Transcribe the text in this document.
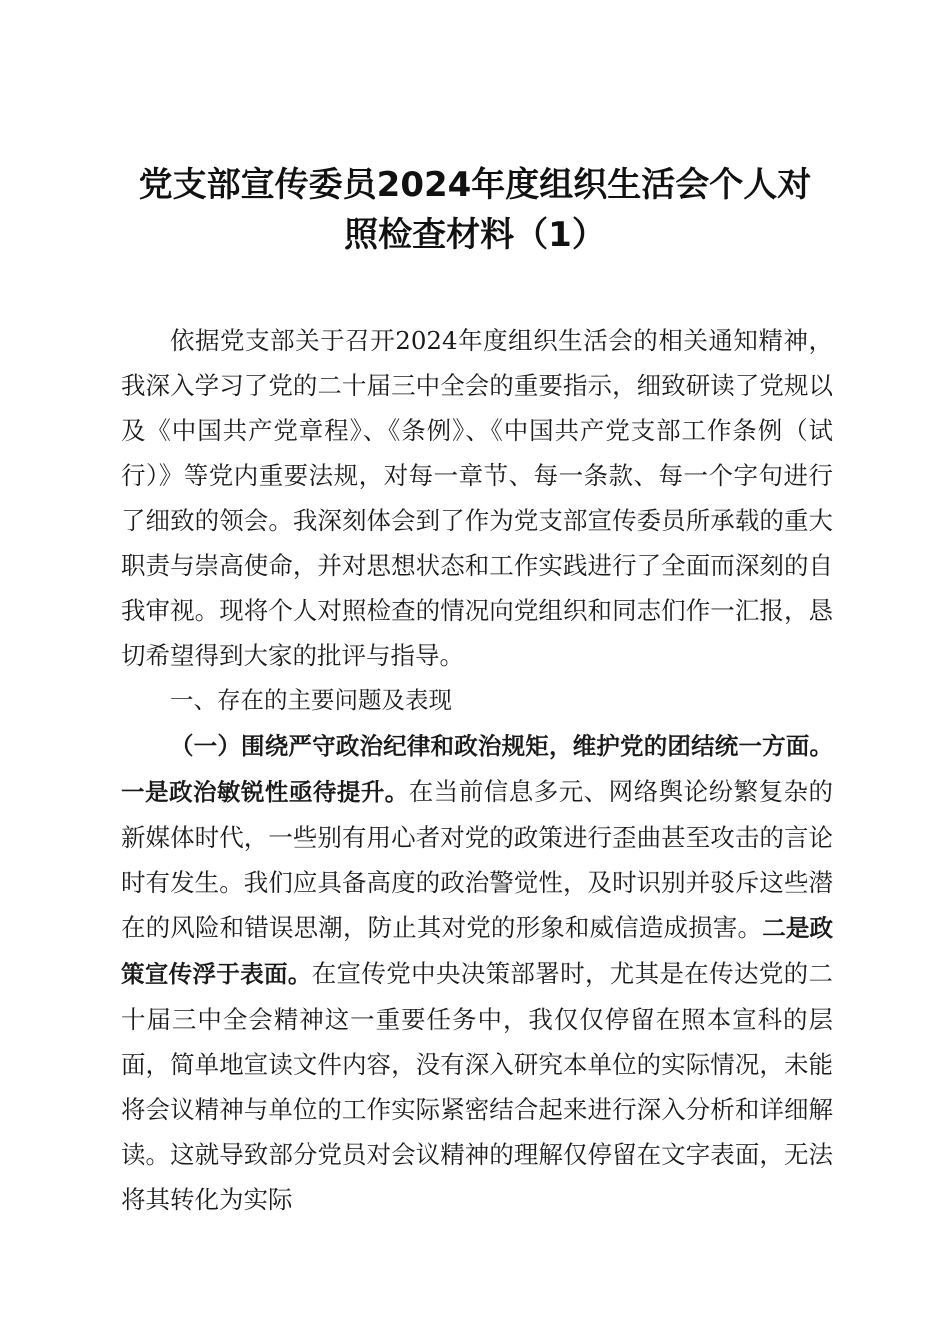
党支部宣传委员2024年度组织生活会个人对
照检查材料（1）

依据党支部关于召开2024年度组织生活会的相关通知精神，我深入学习了党的二十届三中全会的重要指示，细致研读了党规以及《中国共产党章程》、《条例》、《中国共产党支部工作条例（试行）》等党内重要法规，对每一章节、每一条款、每一个字句进行了细致的领会。我深刻体会到了作为党支部宣传委员所承载的重大职责与崇高使命，并对思想状态和工作实践进行了全面而深刻的自我审视。现将个人对照检查的情况向党组织和同志们作一汇报，恳切希望得到大家的批评与指导。

一、存在的主要问题及表现

（一）围绕严守政治纪律和政治规矩，维护党的团结统一方面。一是政治敏锐性亟待提升。在当前信息多元、网络舆论纷繁复杂的新媒体时代，一些别有用心者对党的政策进行歪曲甚至攻击的言论时有发生。我们应具备高度的政治警觉性，及时识别并驳斥这些潜在的风险和错误思潮，防止其对党的形象和威信造成损害。二是政策宣传浮于表面。在宣传党中央决策部署时，尤其是在传达党的二十届三中全会精神这一重要任务中，我仅仅停留在照本宣科的层面，简单地宣读文件内容，没有深入研究本单位的实际情况，未能将会议精神与单位的工作实际紧密结合起来进行深入分析和详细解读。这就导致部分党员对会议精神的理解仅停留在文字表面，无法将其转化为实际
